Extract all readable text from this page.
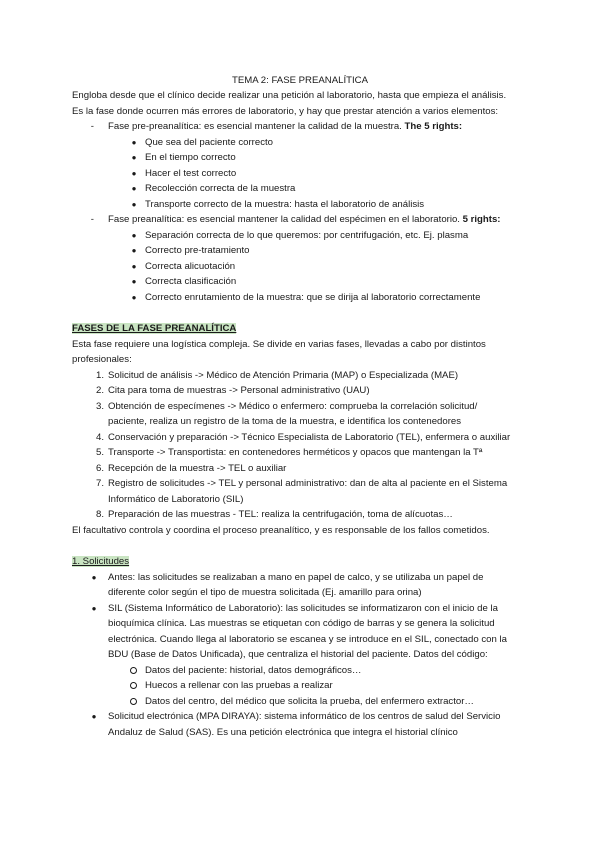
TEMA 2: FASE PREANALÍTICA
Engloba desde que el clínico decide realizar una petición al laboratorio, hasta que empieza el análisis.
Es la fase donde ocurren más errores de laboratorio, y hay que prestar atención a varios elementos:
- Fase pre-preanalítica: es esencial mantener la calidad de la muestra. The 5 rights:
● Que sea del paciente correcto
● En el tiempo correcto
● Hacer el test correcto
● Recolección correcta de la muestra
● Transporte correcto de la muestra: hasta el laboratorio de análisis
- Fase preanalítica: es esencial mantener la calidad del espécimen en el laboratorio. 5 rights:
● Separación correcta de lo que queremos: por centrifugación, etc. Ej. plasma
● Correcto pre-tratamiento
● Correcta alicuotación
● Correcta clasificación
● Correcto enrutamiento de la muestra: que se dirija al laboratorio correctamente
FASES DE LA FASE PREANALÍTICA
Esta fase requiere una logística compleja. Se divide en varias fases, llevadas a cabo por distintos
profesionales:
1. Solicitud de análisis -> Médico de Atención Primaria (MAP) o Especializada (MAE)
2. Cita para toma de muestras -> Personal administrativo (UAU)
3. Obtención de especímenes -> Médico o enfermero: comprueba la correlación solicitud/
paciente, realiza un registro de la toma de la muestra, e identifica los contenedores
4. Conservación y preparación -> Técnico Especialista de Laboratorio (TEL), enfermera o auxiliar
5. Transporte -> Transportista: en contenedores herméticos y opacos que mantengan la Tª
6. Recepción de la muestra -> TEL o auxiliar
7. Registro de solicitudes -> TEL y personal administrativo: dan de alta al paciente en el Sistema
Informático de Laboratorio (SIL)
8. Preparación de las muestras - TEL: realiza la centrifugación, toma de alícuotas…
El facultativo controla y coordina el proceso preanalítico, y es responsable de los fallos cometidos.
1. Solicitudes
●	Antes: las solicitudes se realizaban a mano en papel de calco, y se utilizaba un papel de
diferente color según el tipo de muestra solicitada (Ej. amarillo para orina)
●	SIL (Sistema Informático de Laboratorio): las solicitudes se informatizaron con el inicio de la
bioquímica clínica. Las muestras se etiquetan con código de barras y se genera la solicitud
electrónica. Cuando llega al laboratorio se escanea y se introduce en el SIL, conectado con la
BDU (Base de Datos Unificada), que centraliza el historial del paciente. Datos del código:
Datos del paciente: historial, datos demográficos…
Huecos a rellenar con las pruebas a realizar
Datos del centro, del médico que solicita la prueba, del enfermero extractor…
●	Solicitud electrónica (MPA DIRAYA): sistema informático de los centros de salud del Servicio
Andaluz de Salud (SAS). Es una petición electrónica que integra el historial clínico
